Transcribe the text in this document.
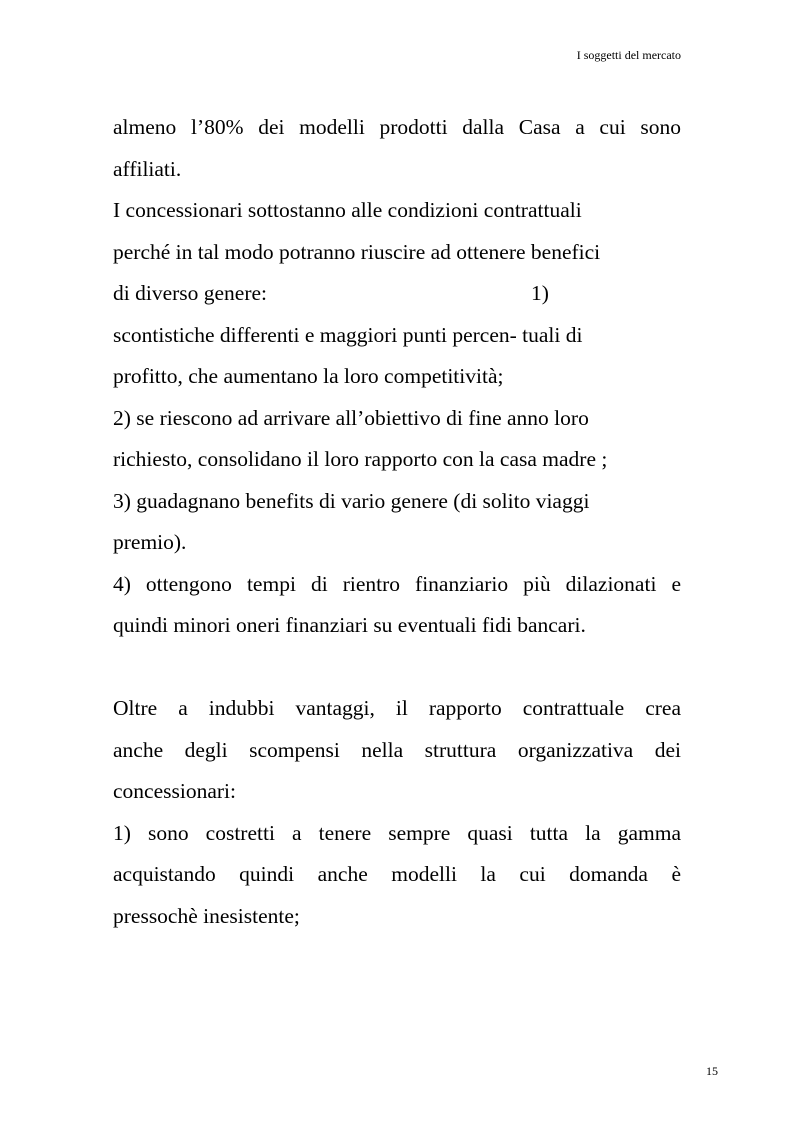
I soggetti del mercato
almeno l’80% dei modelli prodotti dalla Casa a cui sono
affiliati.
I concessionari sottostanno alle condizioni contrattuali
perché in tal modo potranno riuscire ad ottenere benefici
di diverso genere:	1)
scontistiche differenti e maggiori punti percen- tuali di
profitto, che aumentano la loro competitività;
2) se riescono ad arrivare all’obiettivo di fine anno loro
richiesto, consolidano il loro rapporto con la casa madre ;
3) guadagnano benefits di vario genere (di solito viaggi
premio).
4) ottengono tempi di rientro finanziario più dilazionati e
quindi minori oneri finanziari su eventuali fidi bancari.
Oltre a indubbi vantaggi, il rapporto contrattuale crea
anche degli scompensi nella struttura organizzativa dei
concessionari:
1) sono costretti a tenere sempre quasi tutta la gamma
acquistando quindi anche modelli la cui domanda è
pressochè inesistente;
15
